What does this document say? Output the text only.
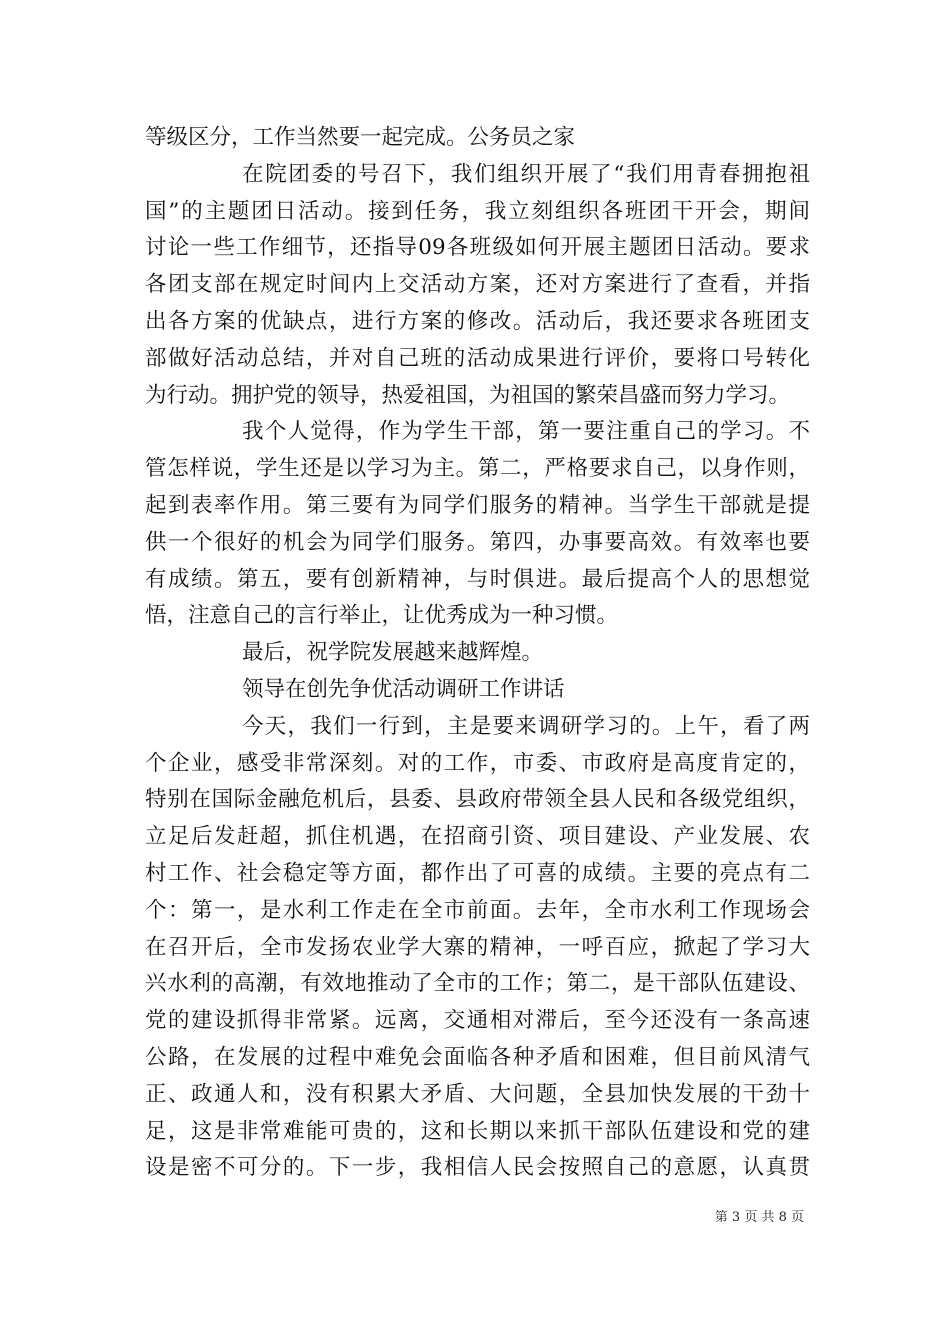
等级区分，工作当然要一起完成。公务员之家
在院团委的号召下，我们组织开展了“我们用青春拥抱祖
国”的主题团日活动。接到任务，我立刻组织各班团干开会，期间
讨论一些工作细节，还指导09各班级如何开展主题团日活动。要求
各团支部在规定时间内上交活动方案，还对方案进行了查看，并指
出各方案的优缺点，进行方案的修改。活动后，我还要求各班团支
部做好活动总结，并对自己班的活动成果进行评价，要将口号转化
为行动。拥护党的领导，热爱祖国，为祖国的繁荣昌盛而努力学习。
我个人觉得，作为学生干部，第一要注重自己的学习。不
管怎样说，学生还是以学习为主。第二，严格要求自己，以身作则，
起到表率作用。第三要有为同学们服务的精神。当学生干部就是提
供一个很好的机会为同学们服务。第四，办事要高效。有效率也要
有成绩。第五，要有创新精神，与时俱进。最后提高个人的思想觉
悟，注意自己的言行举止，让优秀成为一种习惯。
最后，祝学院发展越来越辉煌。
领导在创先争优活动调研工作讲话
今天，我们一行到，主是要来调研学习的。上午，看了两
个企业，感受非常深刻。对的工作，市委、市政府是高度肯定的，
特别在国际金融危机后，县委、县政府带领全县人民和各级党组织，
立足后发赶超，抓住机遇，在招商引资、项目建设、产业发展、农
村工作、社会稳定等方面，都作出了可喜的成绩。主要的亮点有二
个：第一，是水利工作走在全市前面。去年，全市水利工作现场会
在召开后，全市发扬农业学大寨的精神，一呼百应，掀起了学习大
兴水利的高潮，有效地推动了全市的工作；第二，是干部队伍建设、
党的建设抓得非常紧。远离，交通相对滞后，至今还没有一条高速
公路，在发展的过程中难免会面临各种矛盾和困难，但目前风清气
正、政通人和，没有积累大矛盾、大问题，全县加快发展的干劲十
足，这是非常难能可贵的，这和长期以来抓干部队伍建设和党的建
设是密不可分的。下一步，我相信人民会按照自己的意愿，认真贯
第 3 页 共 8 页
